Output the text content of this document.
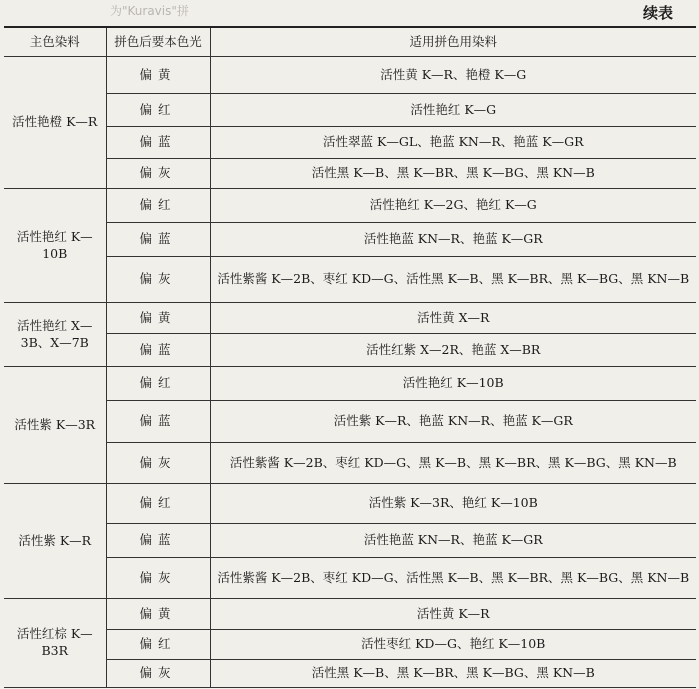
为"Kuravis"拼	续表
主色染料	拼色后要本色光	适用拼色用染料
活性艳橙 K—R	偏黄	活性黄 K—R、艳橙 K—G
	偏红	活性艳红 K—G
	偏蓝	活性翠蓝 K—GL、艳蓝 KN—R、艳蓝 K—GR
	偏灰	活性黑 K—B、黑 K—BR、黑 K—BG、黑 KN—B
活性艳红 K—10B	偏红	活性艳红 K—2G、艳红 K—G
	偏蓝	活性艳蓝 KN—R、艳蓝 K—GR
	偏灰	活性紫酱 K—2B、枣红 KD—G、活性黑 K—B、黑 K—BR、黑 K—BG、黑 KN—B
活性艳红 X—3B、X—7B	偏黄	活性黄 X—R
	偏蓝	活性红紫 X—2R、艳蓝 X—BR
活性紫 K—3R	偏红	活性艳红 K—10B
	偏蓝	活性紫 K—R、艳蓝 KN—R、艳蓝 K—GR
	偏灰	活性紫酱 K—2B、枣红 KD—G、黑 K—B、黑 K—BR、黑 K—BG、黑 KN—B
活性紫 K—R	偏红	活性紫 K—3R、艳红 K—10B
	偏蓝	活性艳蓝 KN—R、艳蓝 K—GR
	偏灰	活性紫酱 K—2B、枣红 KD—G、活性黑 K—B、黑 K—BR、黑 K—BG、黑 KN—B
活性红棕 K—B3R	偏黄	活性黄 K—R
	偏红	活性枣红 KD—G、艳红 K—10B
	偏灰	活性黑 K—B、黑 K—BR、黑 K—BG、黑 KN—B
